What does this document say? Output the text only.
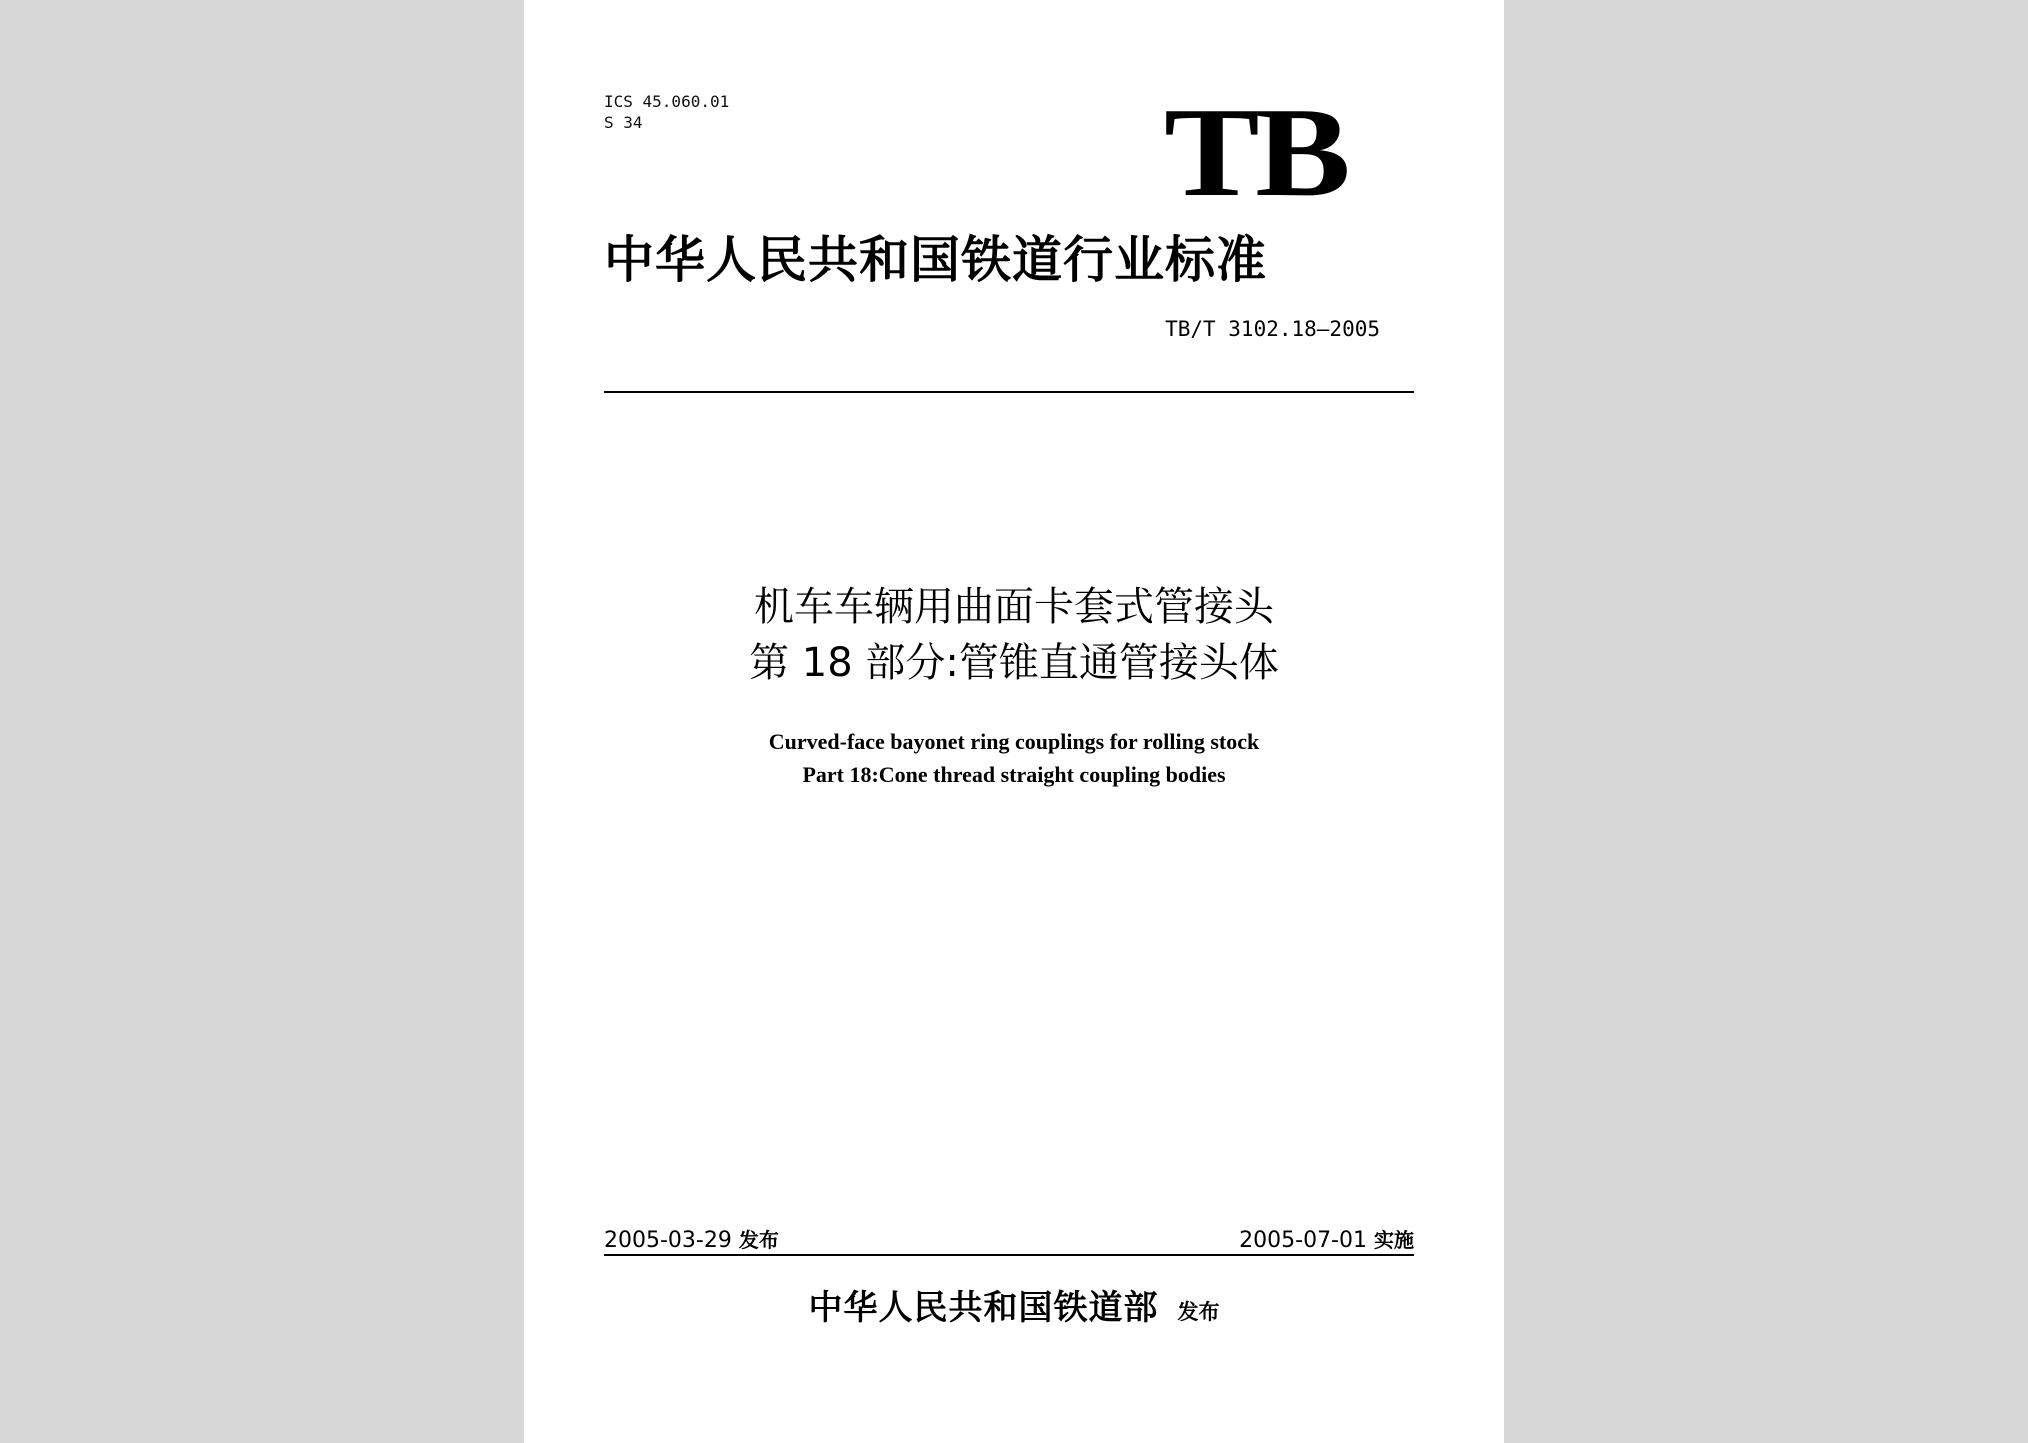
ICS 45.060.01
S 34	TB
中华人民共和国铁道行业标准
TB/T 3102.18—2005
机车车辆用曲面卡套式管接头
第 18 部分:管锥直通管接头体
Curved-face bayonet ring couplings for rolling stock
Part 18:Cone thread straight coupling bodies
2005-03-29 发布	2005-07-01 实施
中华人民共和国铁道部 发布
